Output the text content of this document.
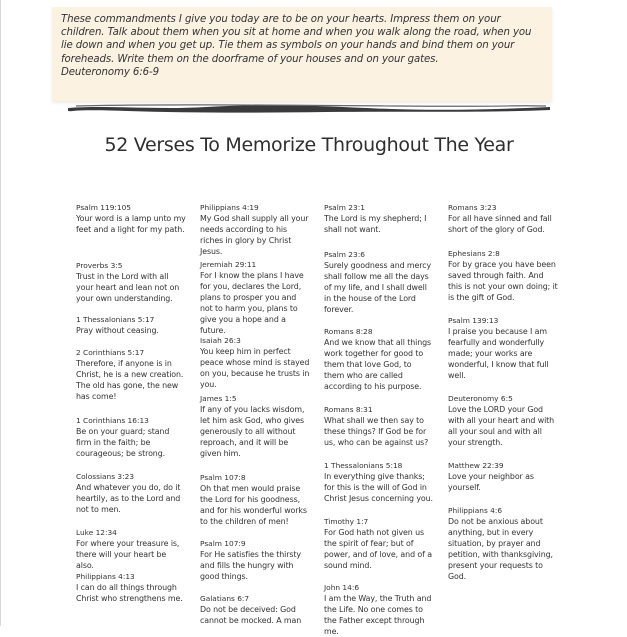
These commandments I give you today are to be on your hearts. Impress them on your children. Talk about them when you sit at home and when you walk along the road, when you lie down and when you get up. Tie them as symbols on your hands and bind them on your foreheads. Write them on the doorframe of your houses and on your gates.
Deuteronomy 6:6-9
52 Verses To Memorize Throughout The Year
Psalm 119:105
Your word is a lamp unto my feet and a light for my path.
Proverbs 3:5
Trust in the Lord with all your heart and lean not on your own understanding.
1 Thessalonians 5:17
Pray without ceasing.
2 Corinthians 5:17
Therefore, if anyone is in Christ, he is a new creation. The old has gone, the new has come!
1 Corinthians 16:13
Be on your guard; stand firm in the faith; be courageous; be strong.
Colossians 3:23
And whatever you do, do it heartily, as to the Lord and not to men.
Luke 12:34
For where your treasure is, there will your heart be also.
Philippians 4:13
I can do all things through Christ who strengthens me.
Philippians 4:19
My God shall supply all your needs according to his riches in glory by Christ Jesus.
Jeremiah 29:11
For I know the plans I have for you, declares the Lord, plans to prosper you and not to harm you, plans to give you a hope and a future.
Isaiah 26:3
You keep him in perfect peace whose mind is stayed on you, because he trusts in you.
James 1:5
If any of you lacks wisdom, let him ask God, who gives generously to all without reproach, and it will be given him.
Psalm 107:8
Oh that men would praise the Lord for his goodness, and for his wonderful works to the children of men!
Psalm 107:9
For He satisfies the thirsty and fills the hungry with good things.
Galatians 6:7
Do not be deceived: God cannot be mocked. A man
Psalm 23:1
The Lord is my shepherd; I shall not want.
Psalm 23:6
Surely goodness and mercy shall follow me all the days of my life, and I shall dwell in the house of the Lord forever.
Romans 8:28
And we know that all things work together for good to them that love God, to them who are called according to his purpose.
Romans 8:31
What shall we then say to these things? If God be for us, who can be against us?
1 Thessalonians 5:18
In everything give thanks; for this is the will of God in Christ Jesus concerning you.
Timothy 1:7
For God hath not given us the spirit of fear; but of power, and of love, and of a sound mind.
John 14:6
I am the Way, the Truth and the Life. No one comes to the Father except through me.
Romans 3:23
For all have sinned and fall short of the glory of God.
Ephesians 2:8
For by grace you have been saved through faith. And this is not your own doing; it is the gift of God.
Psalm 139:13
I praise you because I am fearfully and wonderfully made; your works are wonderful, I know that full well.
Deuteronomy 6:5
Love the LORD your God with all your heart and with all your soul and with all your strength.
Matthew 22:39
Love your neighbor as yourself.
Philippians 4:6
Do not be anxious about anything, but in every situation, by prayer and petition, with thanksgiving, present your requests to God.
